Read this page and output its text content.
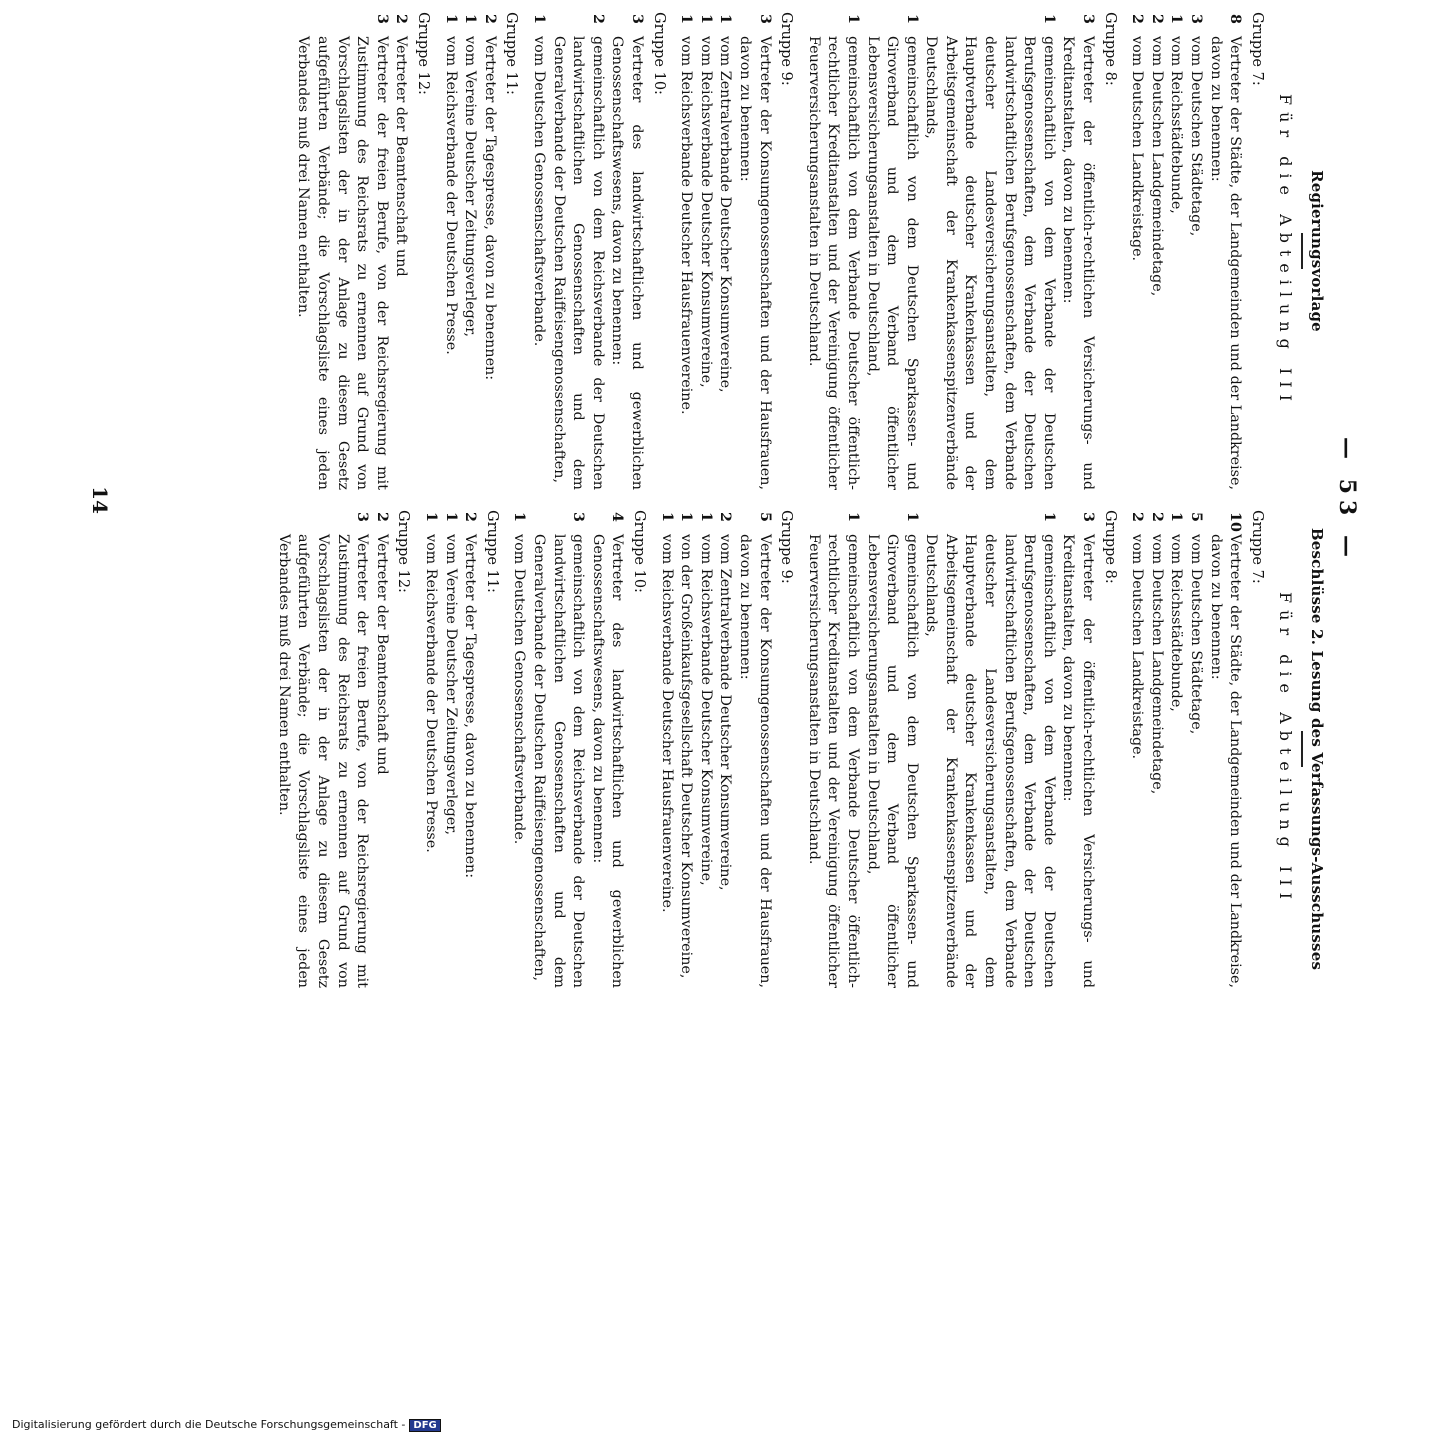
— 53 —
Regierungsvorlage
Für die Abteilung III
Gruppe 7:
8
Vertreter der Städte, der Landgemeinden und der Landkreise, davon zu benennen:
3
vom Deutschen Städtetage,
1
vom Reichsstädtebunde,
2
vom Deutschen Landgemeindetage,
2
vom Deutschen Landkreistage.
Gruppe 8:
3
Vertreter der öffentlich-rechtlichen Versicherungs- und Kreditanstalten, davon zu benennen:
1
gemeinschaftlich von dem Verbande der Deutschen Berufsgenossenschaften, dem Verbande der Deutschen landwirtschaftlichen Berufsgenossenschaften, dem Verbande deutscher Landesversicherungsanstalten, dem Hauptverbande deutscher Krankenkassen und der Arbeitsgemeinschaft der Krankenkassenspitzenverbände Deutschlands,
1
gemeinschaftlich von dem Deutschen Sparkassen- und Giroverband und dem Verband öffentlicher Lebensversicherungsanstalten in Deutschland,
1
gemeinschaftlich von dem Verbande Deutscher öffentlich-rechtlicher Kreditanstalten und der Vereinigung öffentlicher Feuerversicherungsanstalten in Deutschland.
Gruppe 9:
3
Vertreter der Konsumgenossenschaften und der Hausfrauen, davon zu benennen:
1
vom Zentralverbande Deutscher Konsumvereine,
1
vom Reichsverbande Deutscher Konsumvereine,
1
vom Reichsverbande Deutscher Hausfrauenvereine.
Gruppe 10:
3
Vertreter des landwirtschaftlichen und gewerblichen Genossenschaftswesens, davon zu benennen:
2
gemeinschaftlich von dem Reichsverbande der Deutschen landwirtschaftlichen Genossenschaften und dem Generalverbande der Deutschen Raiffeisengenossenschaften,
1
vom Deutschen Genossenschaftsverbande.
Gruppe 11:
2
Vertreter der Tagespresse, davon zu benennen:
1
vom Vereine Deutscher Zeitungsverleger,
1
vom Reichsverbande der Deutschen Presse.
Gruppe 12:
2
Vertreter der Beamtenschaft und
3
Vertreter der freien Berufe, von der Reichsregierung mit Zustimmung des Reichsrats zu ernennen auf Grund von Vorschlagslisten der in der Anlage zu diesem Gesetz aufgeführten Verbände; die Vorschlagsliste eines jeden Verbandes muß drei Namen enthalten.
Beschlüsse 2. Lesung des Verfassungs-Ausschusses
Für die Abteilung III
Gruppe 7:
10
Vertreter der Städte, der Landgemeinden und der Landkreise, davon zu benennen:
5
vom Deutschen Städtetage,
1
vom Reichsstädtebunde,
2
vom Deutschen Landgemeindetage,
2
vom Deutschen Landkreistage.
Gruppe 8:
3
Vertreter der öffentlich-rechtlichen Versicherungs- und Kreditanstalten, davon zu benennen:
1
gemeinschaftlich von dem Verbande der Deutschen Berufsgenossenschaften, dem Verbande der Deutschen landwirtschaftlichen Berufsgenossenschaften, dem Verbande deutscher Landesversicherungsanstalten, dem Hauptverbande deutscher Krankenkassen und der Arbeitsgemeinschaft der Krankenkassenspitzenverbände Deutschlands,
1
gemeinschaftlich von dem Deutschen Sparkassen- und Giroverband und dem Verband öffentlicher Lebensversicherungsanstalten in Deutschland,
1
gemeinschaftlich von dem Verbande Deutscher öffentlich-rechtlicher Kreditanstalten und der Vereinigung öffentlicher Feuerversicherungsanstalten in Deutschland.
Gruppe 9:
5
Vertreter der Konsumgenossenschaften und der Hausfrauen, davon zu benennen:
2
vom Zentralverbande Deutscher Konsumvereine,
1
vom Reichsverbande Deutscher Konsumvereine,
1
von der Großeinkaufsgesellschaft Deutscher Konsumvereine,
1
vom Reichsverbande Deutscher Hausfrauenvereine.
Gruppe 10:
4
Vertreter des landwirtschaftlichen und gewerblichen Genossenschaftswesens, davon zu benennen:
3
gemeinschaftlich von dem Reichsverbande der Deutschen landwirtschaftlichen Genossenschaften und dem Generalverbande der Deutschen Raiffeisengenossenschaften,
1
vom Deutschen Genossenschaftsverbande.
Gruppe 11:
2
Vertreter der Tagespresse, davon zu benennen:
1
vom Vereine Deutscher Zeitungsverleger,
1
vom Reichsverbande der Deutschen Presse.
Gruppe 12:
2
Vertreter der Beamtenschaft und
3
Vertreter der freien Berufe, von der Reichsregierung mit Zustimmung des Reichsrats zu ernennen auf Grund von Vorschlagslisten der in der Anlage zu diesem Gesetz aufgeführten Verbände; die Vorschlagsliste eines jeden Verbandes muß drei Namen enthalten.
14
Digitalisierung gefördert durch die Deutsche Forschungsgemeinschaft - DFG
